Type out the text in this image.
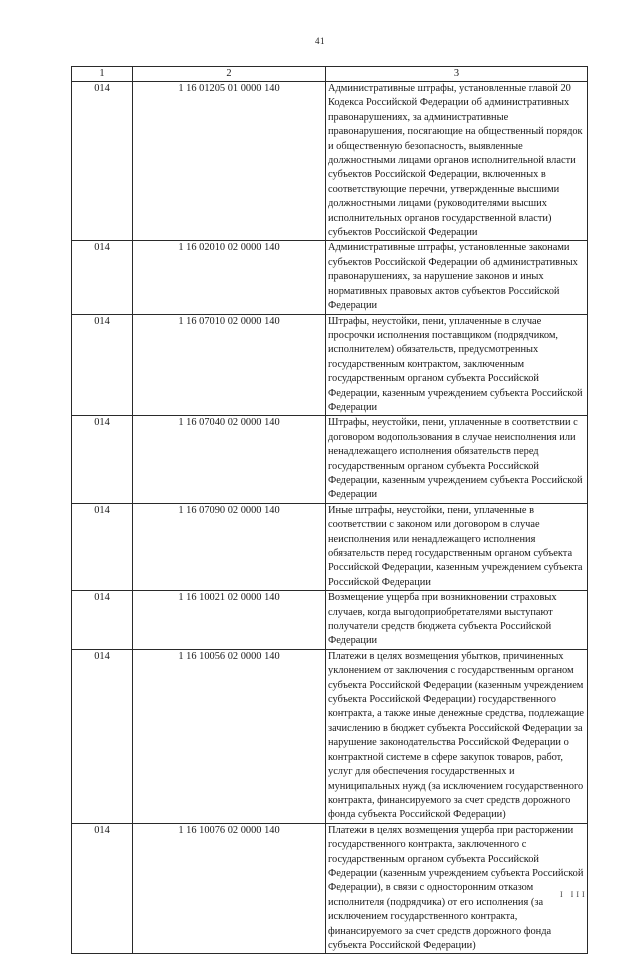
41
1	2	3
014	1 16 01205 01 0000 140	Административные штрафы, установленные главой 20 Кодекса Российской Федерации об административных правонарушениях, за административные правонарушения, посягающие на общественный порядок и общественную безопасность, выявленные должностными лицами органов исполнительной власти субъектов Российской Федерации, включенных в соответствующие перечни, утвержденные высшими должностными лицами (руководителями высших исполнительных органов государственной власти) субъектов Российской Федерации
014	1 16 02010 02 0000 140	Административные штрафы, установленные законами субъектов Российской Федерации об административных правонарушениях, за нарушение законов и иных нормативных правовых актов субъектов Российской Федерации
014	1 16 07010 02 0000 140	Штрафы, неустойки, пени, уплаченные в случае просрочки исполнения поставщиком (подрядчиком, исполнителем) обязательств, предусмотренных государственным контрактом, заключенным государственным органом субъекта Российской Федерации, казенным учреждением субъекта Российской Федерации
014	1 16 07040 02 0000 140	Штрафы, неустойки, пени, уплаченные в соответствии с договором водопользования в случае неисполнения или ненадлежащего исполнения обязательств перед государственным органом субъекта Российской Федерации, казенным учреждением субъекта Российской Федерации
014	1 16 07090 02 0000 140	Иные штрафы, неустойки, пени, уплаченные в соответствии с законом или договором в случае неисполнения или ненадлежащего исполнения обязательств перед государственным органом субъекта Российской Федерации, казенным учреждением субъекта Российской Федерации
014	1 16 10021 02 0000 140	Возмещение ущерба при возникновении страховых случаев, когда выгодоприобретателями выступают получатели средств бюджета субъекта Российской Федерации
014	1 16 10056 02 0000 140	Платежи в целях возмещения убытков, причиненных уклонением от заключения с государственным органом субъекта Российской Федерации (казенным учреждением субъекта Российской Федерации) государственного контракта, а также иные денежные средства, подлежащие зачислению в бюджет субъекта Российской Федерации за нарушение законодательства Российской Федерации о контрактной системе в сфере закупок товаров, работ, услуг для обеспечения государственных и муниципальных нужд (за исключением государственного контракта, финансируемого за счет средств дорожного фонда субъекта Российской Федерации)
014	1 16 10076 02 0000 140	Платежи в целях возмещения ущерба при расторжении государственного контракта, заключенного с государственным органом субъекта Российской Федерации (казенным учреждением субъекта Российской Федерации), в связи с односторонним отказом исполнителя (подрядчика) от его исполнения (за исключением государственного контракта, финансируемого за счет средств дорожного фонда субъекта Российской Федерации)
I III
